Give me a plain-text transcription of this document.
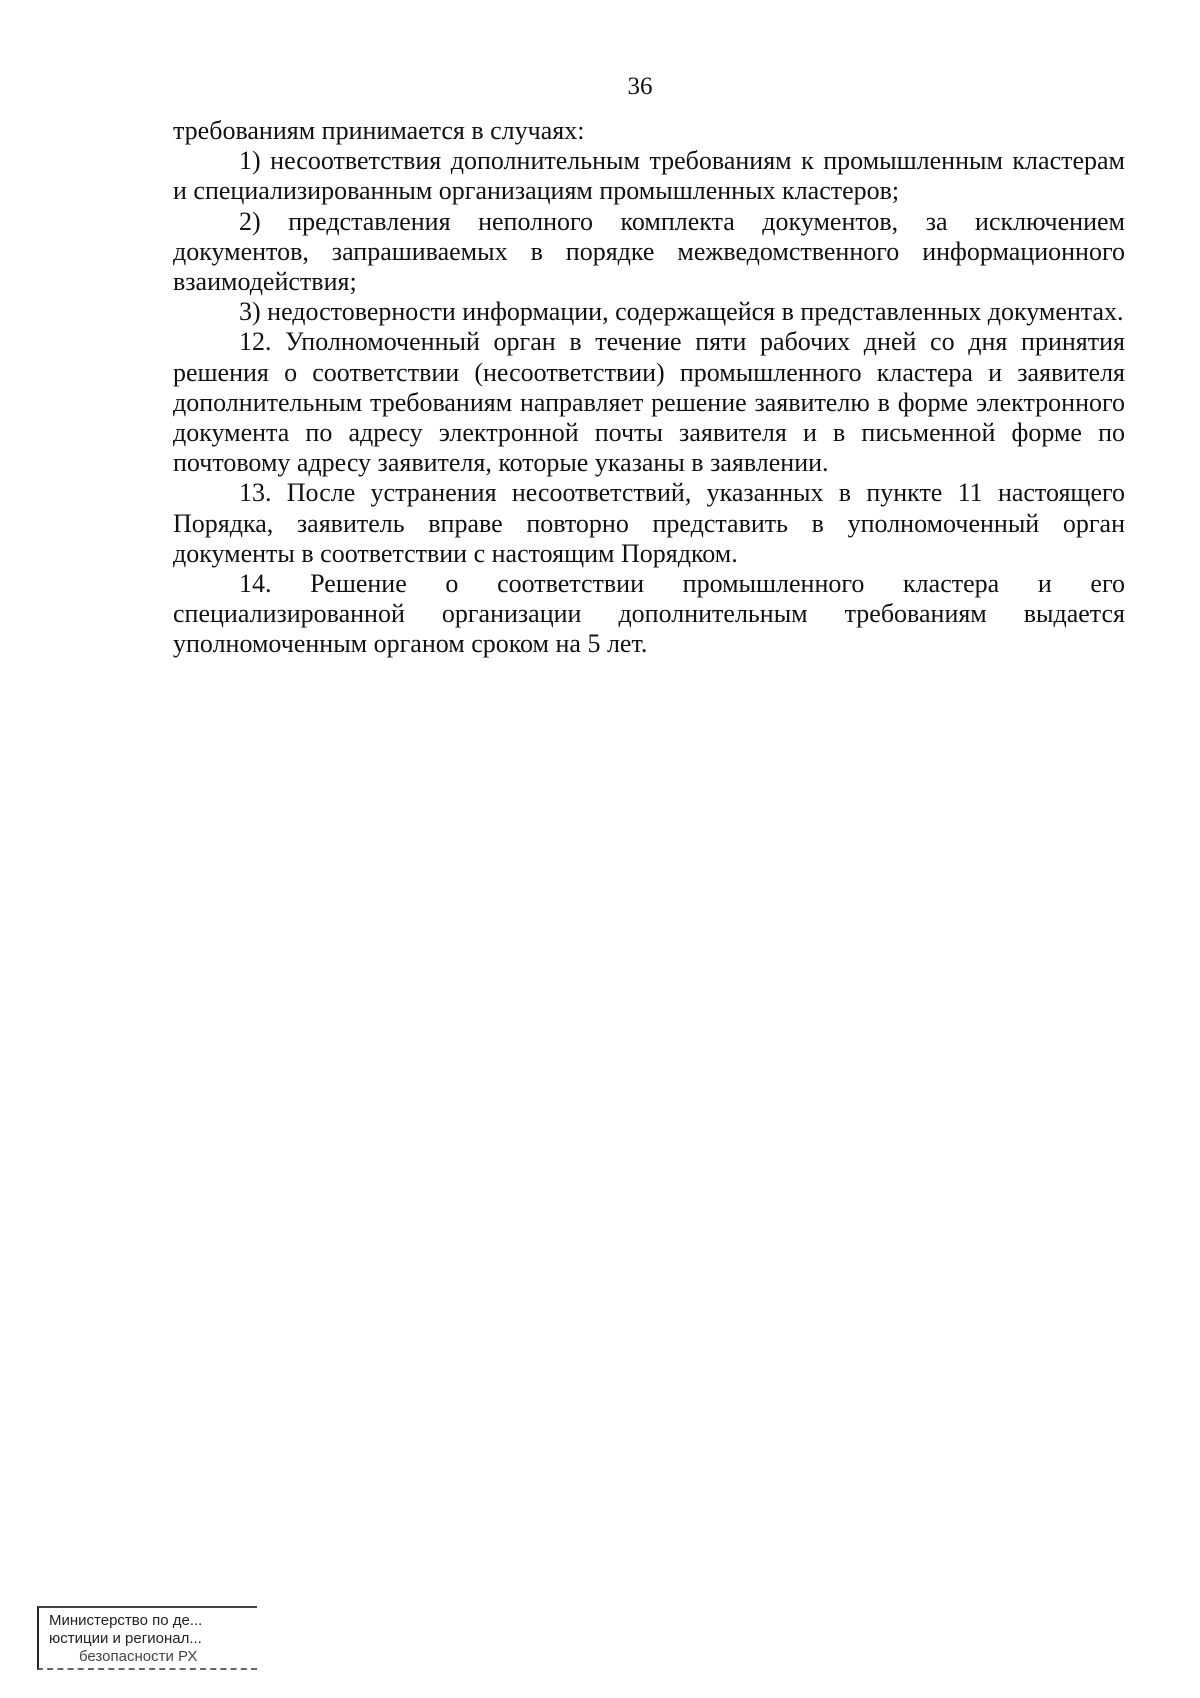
36

требованиям принимается в случаях:

1) несоответствия дополнительным требованиям к промышленным кластерам и специализированным организациям промышленных кластеров;

2) представления неполного комплекта документов, за исключением документов, запрашиваемых в порядке межведомственного информационного взаимодействия;

3) недостоверности информации, содержащейся в представленных документах.

12. Уполномоченный орган в течение пяти рабочих дней со дня принятия решения о соответствии (несоответствии) промышленного кластера и заявителя дополнительным требованиям направляет решение заявителю в форме электронного документа по адресу электронной почты заявителя и в письменной форме по почтовому адресу заявителя, которые указаны в заявлении.

13. После устранения несоответствий, указанных в пункте 11 настоящего Порядка, заявитель вправе повторно представить в уполномоченный орган документы в соответствии с настоящим Порядком.

14. Решение о соответствии промышленного кластера и его специализированной организации дополнительным требованиям выдается уполномоченным органом сроком на 5 лет.

Министерство по де...
юстиции и регионал...
безопасности РХ
